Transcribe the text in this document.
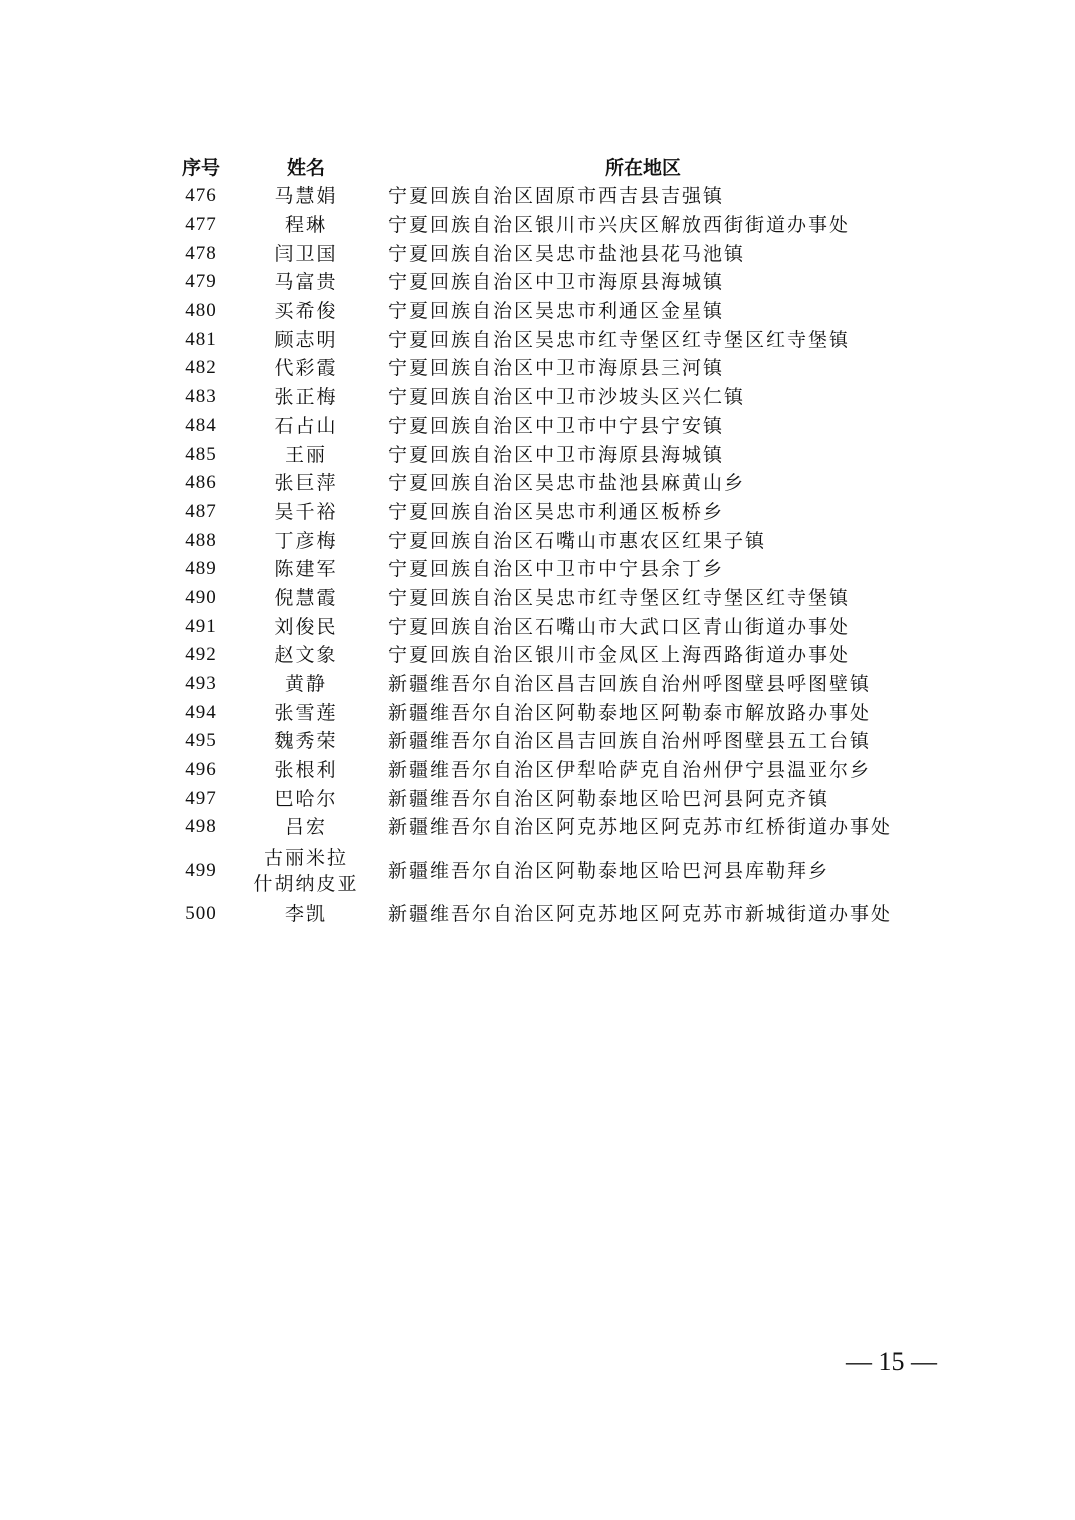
序号	姓名	所在地区
476	马慧娟	宁夏回族自治区固原市西吉县吉强镇
477	程琳	宁夏回族自治区银川市兴庆区解放西街街道办事处
478	闫卫国	宁夏回族自治区吴忠市盐池县花马池镇
479	马富贵	宁夏回族自治区中卫市海原县海城镇
480	买希俊	宁夏回族自治区吴忠市利通区金星镇
481	顾志明	宁夏回族自治区吴忠市红寺堡区红寺堡区红寺堡镇
482	代彩霞	宁夏回族自治区中卫市海原县三河镇
483	张正梅	宁夏回族自治区中卫市沙坡头区兴仁镇
484	石占山	宁夏回族自治区中卫市中宁县宁安镇
485	王丽	宁夏回族自治区中卫市海原县海城镇
486	张巨萍	宁夏回族自治区吴忠市盐池县麻黄山乡
487	吴千裕	宁夏回族自治区吴忠市利通区板桥乡
488	丁彦梅	宁夏回族自治区石嘴山市惠农区红果子镇
489	陈建军	宁夏回族自治区中卫市中宁县余丁乡
490	倪慧霞	宁夏回族自治区吴忠市红寺堡区红寺堡区红寺堡镇
491	刘俊民	宁夏回族自治区石嘴山市大武口区青山街道办事处
492	赵文象	宁夏回族自治区银川市金凤区上海西路街道办事处
493	黄静	新疆维吾尔自治区昌吉回族自治州呼图壁县呼图壁镇
494	张雪莲	新疆维吾尔自治区阿勒泰地区阿勒泰市解放路办事处
495	魏秀荣	新疆维吾尔自治区昌吉回族自治州呼图壁县五工台镇
496	张根利	新疆维吾尔自治区伊犁哈萨克自治州伊宁县温亚尔乡
497	巴哈尔	新疆维吾尔自治区阿勒泰地区哈巴河县阿克齐镇
498	吕宏	新疆维吾尔自治区阿克苏地区阿克苏市红桥街道办事处
499	古丽米拉 什胡纳皮亚	新疆维吾尔自治区阿勒泰地区哈巴河县库勒拜乡
500	李凯	新疆维吾尔自治区阿克苏地区阿克苏市新城街道办事处
— 15 —
